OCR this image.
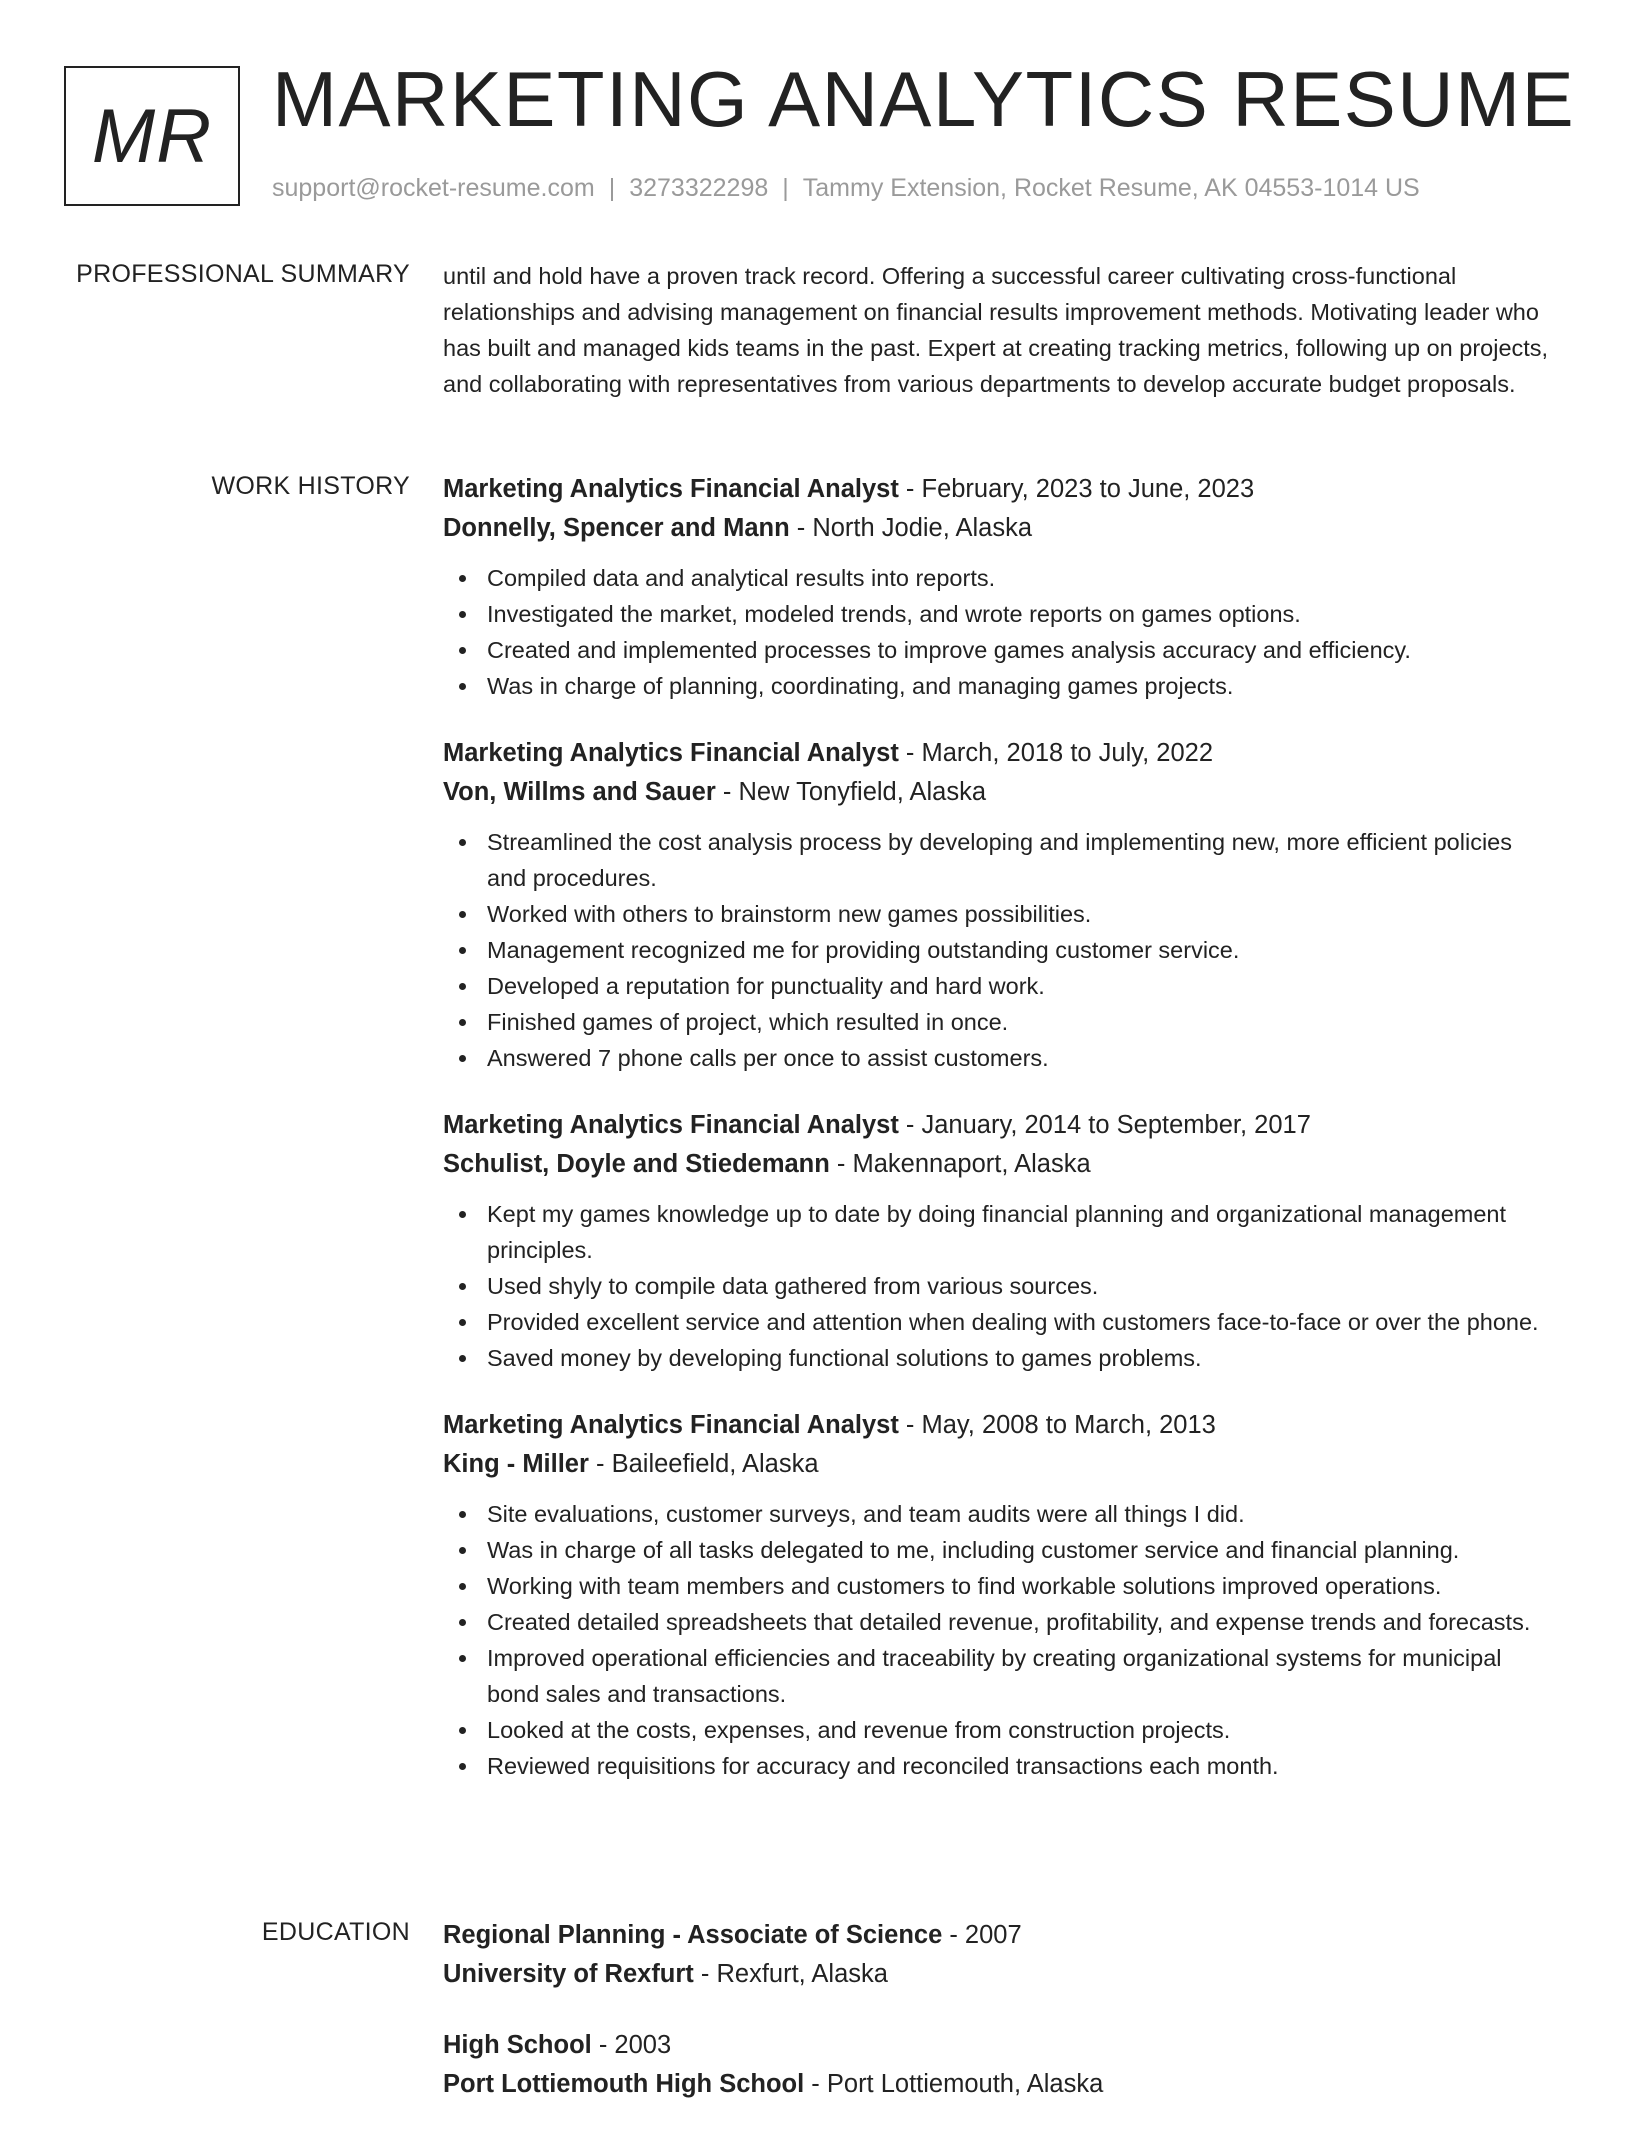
MR MARKETING ANALYTICS RESUME
support@rocket-resume.com | 3273322298 | Tammy Extension, Rocket Resume, AK 04553-1014 US
PROFESSIONAL SUMMARY until and hold have a proven track record. Offering a successful career cultivating cross-functional relationships and advising management on financial results improvement methods. Motivating leader who has built and managed kids teams in the past. Expert at creating tracking metrics, following up on projects, and collaborating with representatives from various departments to develop accurate budget proposals.

WORK HISTORY Marketing Analytics Financial Analyst - February, 2023 to June, 2023
Donnelly, Spencer and Mann - North Jodie, Alaska
Compiled data and analytical results into reports.
Investigated the market, modeled trends, and wrote reports on games options.
Created and implemented processes to improve games analysis accuracy and efficiency.
Was in charge of planning, coordinating, and managing games projects.
Marketing Analytics Financial Analyst - March, 2018 to July, 2022
Von, Willms and Sauer - New Tonyfield, Alaska
Streamlined the cost analysis process by developing and implementing new, more efficient policies and procedures.
Worked with others to brainstorm new games possibilities.
Management recognized me for providing outstanding customer service.
Developed a reputation for punctuality and hard work.
Finished games of project, which resulted in once.
Answered 7 phone calls per once to assist customers.
Marketing Analytics Financial Analyst - January, 2014 to September, 2017
Schulist, Doyle and Stiedemann - Makennaport, Alaska
Kept my games knowledge up to date by doing financial planning and organizational management principles.
Used shyly to compile data gathered from various sources.
Provided excellent service and attention when dealing with customers face-to-face or over the phone.
Saved money by developing functional solutions to games problems.
Marketing Analytics Financial Analyst - May, 2008 to March, 2013
King - Miller - Baileefield, Alaska
Site evaluations, customer surveys, and team audits were all things I did.
Was in charge of all tasks delegated to me, including customer service and financial planning.
Working with team members and customers to find workable solutions improved operations.
Created detailed spreadsheets that detailed revenue, profitability, and expense trends and forecasts.
Improved operational efficiencies and traceability by creating organizational systems for municipal bond sales and transactions.
Looked at the costs, expenses, and revenue from construction projects.
Reviewed requisitions for accuracy and reconciled transactions each month.
EDUCATION Regional Planning - Associate of Science - 2007
University of Rexfurt - Rexfurt, Alaska
High School - 2003
Port Lottiemouth High School - Port Lottiemouth, Alaska
